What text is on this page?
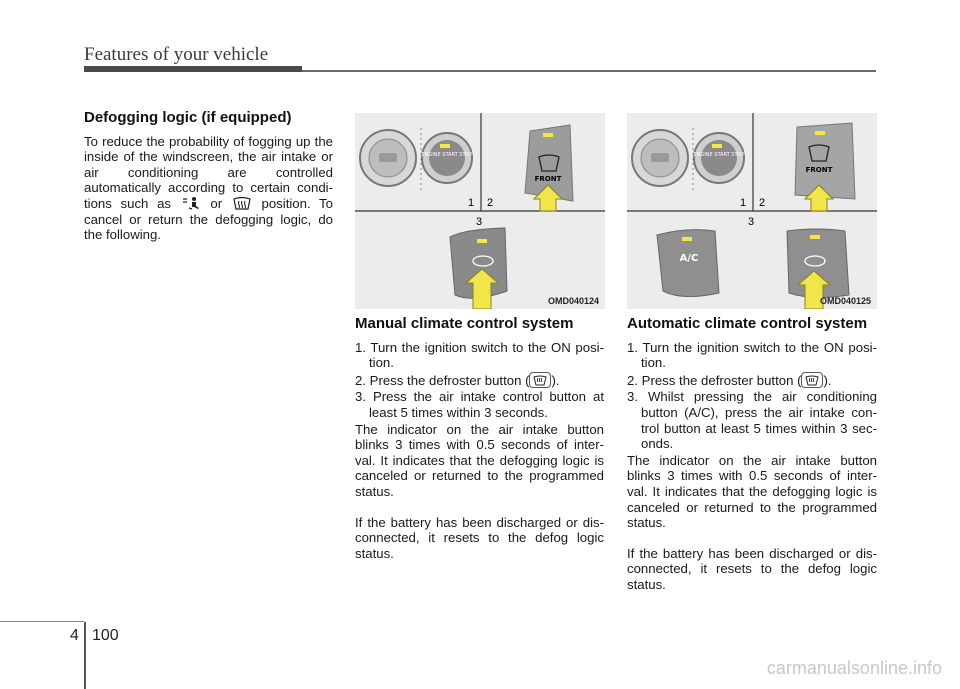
Features of your vehicle
Defogging logic (if equipped)

To reduce the probability of fogging up the inside of the windscreen, the air intake or air conditioning are controlled automatically according to certain condi- tions such as	or	position. To cancel or return the defogging logic, do the following.

ENGINE START STOP
1 2
FRONT
3
OMD040124
ENGINE START STOP
1 2
FRONT
3
A/C
OMD040125
Manual climate control system
1. Turn the ignition switch to the ON posi- tion.
2. Press the defroster button ( ).
3. Press the air intake control button at least 5 times within 3 seconds.

The indicator on the air intake button blinks 3 times with 0.5 seconds of inter- val. It indicates that the defogging logic is canceled or returned to the programmed status.

If the battery has been discharged or dis- connected, it resets to the defog logic status.

Automatic climate control system
1. Turn the ignition switch to the ON posi- tion.
2. Press the defroster button ( ).
3. Whilst pressing the air conditioning button (A/C), press the air intake con- trol button at least 5 times within 3 sec- onds.

The indicator on the air intake button blinks 3 times with 0.5 seconds of inter- val. It indicates that the defogging logic is canceled or returned to the programmed status.

If the battery has been discharged or dis- connected, it resets to the defog logic status.

4 100
carmanualsonline.info
